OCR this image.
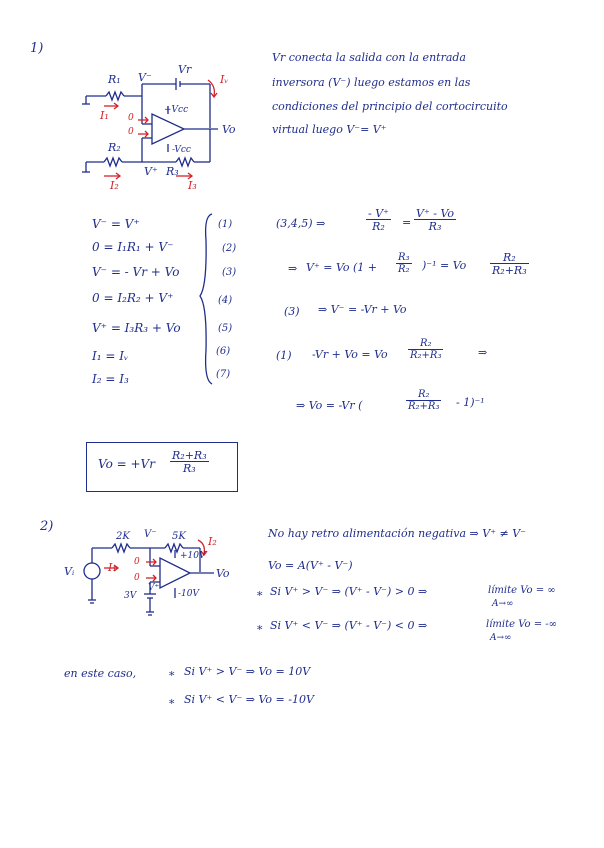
1)
R₁ V⁻
Vr
Iᵥ
I₁ 0
0
+Vcc
-Vcc
Vo
R₂
V⁺ R₃
I₂	I₃
Vr conecta la salida con la entrada
inversora (V⁻) luego estamos en las
condiciones del principio del cortocircuito
virtual luego V⁻= V⁺
V⁻ = V⁺
0 = I₁R₁ + V⁻
V⁻ = - Vr + Vo
0 = I₂R₂ + V⁺
V⁺ = I₃R₃ + Vo
I₁ = Iᵥ
I₂ = I₃
(1)
(2)
(3)
(4)
(5)
(6)
(7)
(3,4,5) ⇒	$\frac{- V^+}{\text{R₂}} = \frac{V^+ - Vo}{\text{R₃}}$
⇒ V⁺ = Vo $(1 + \frac{\text{R₃}}{\text{R₂}} )^{-1} = Vo \frac{\text{R₂}}{\text{R₂+R₃}}$
(3) ⇒ V⁻ = -Vr + Vo
(1) -Vr + Vo = Vo $\frac{\text{R₂}}{\text{R₂+R₃}}$	⇒
⇒ Vo = -Vr (	$\frac{\text{R₂}}{\text{R₂+R₃}} - 1)^{-1}$
$Vo = +Vr \frac{\text{R₂+R₃}}{\text{R₃}}$
2)
2K V⁻ 5K I₂
Vᵢ	I₁ 0
0
V⁺
+10V
-10V
Vo
3V
No hay retro alimentación negativa ⇒ V⁺ ≠ V⁻
Vo = A(V⁺ - V⁻)
∗ Si V⁺ > V⁻ ⇒ (V⁺ - V⁻) > 0 ⇒	límite Vo = ∞
A→∞
∗ Si V⁺ < V⁻ ⇒ (V⁺ - V⁻) < 0 ⇒	límite Vo = -∞
A→∞
en este caso,	∗ Si V⁺ > V⁻ ⇒ Vo = 10V
∗ Si V⁺ < V⁻ ⇒ Vo = -10V
